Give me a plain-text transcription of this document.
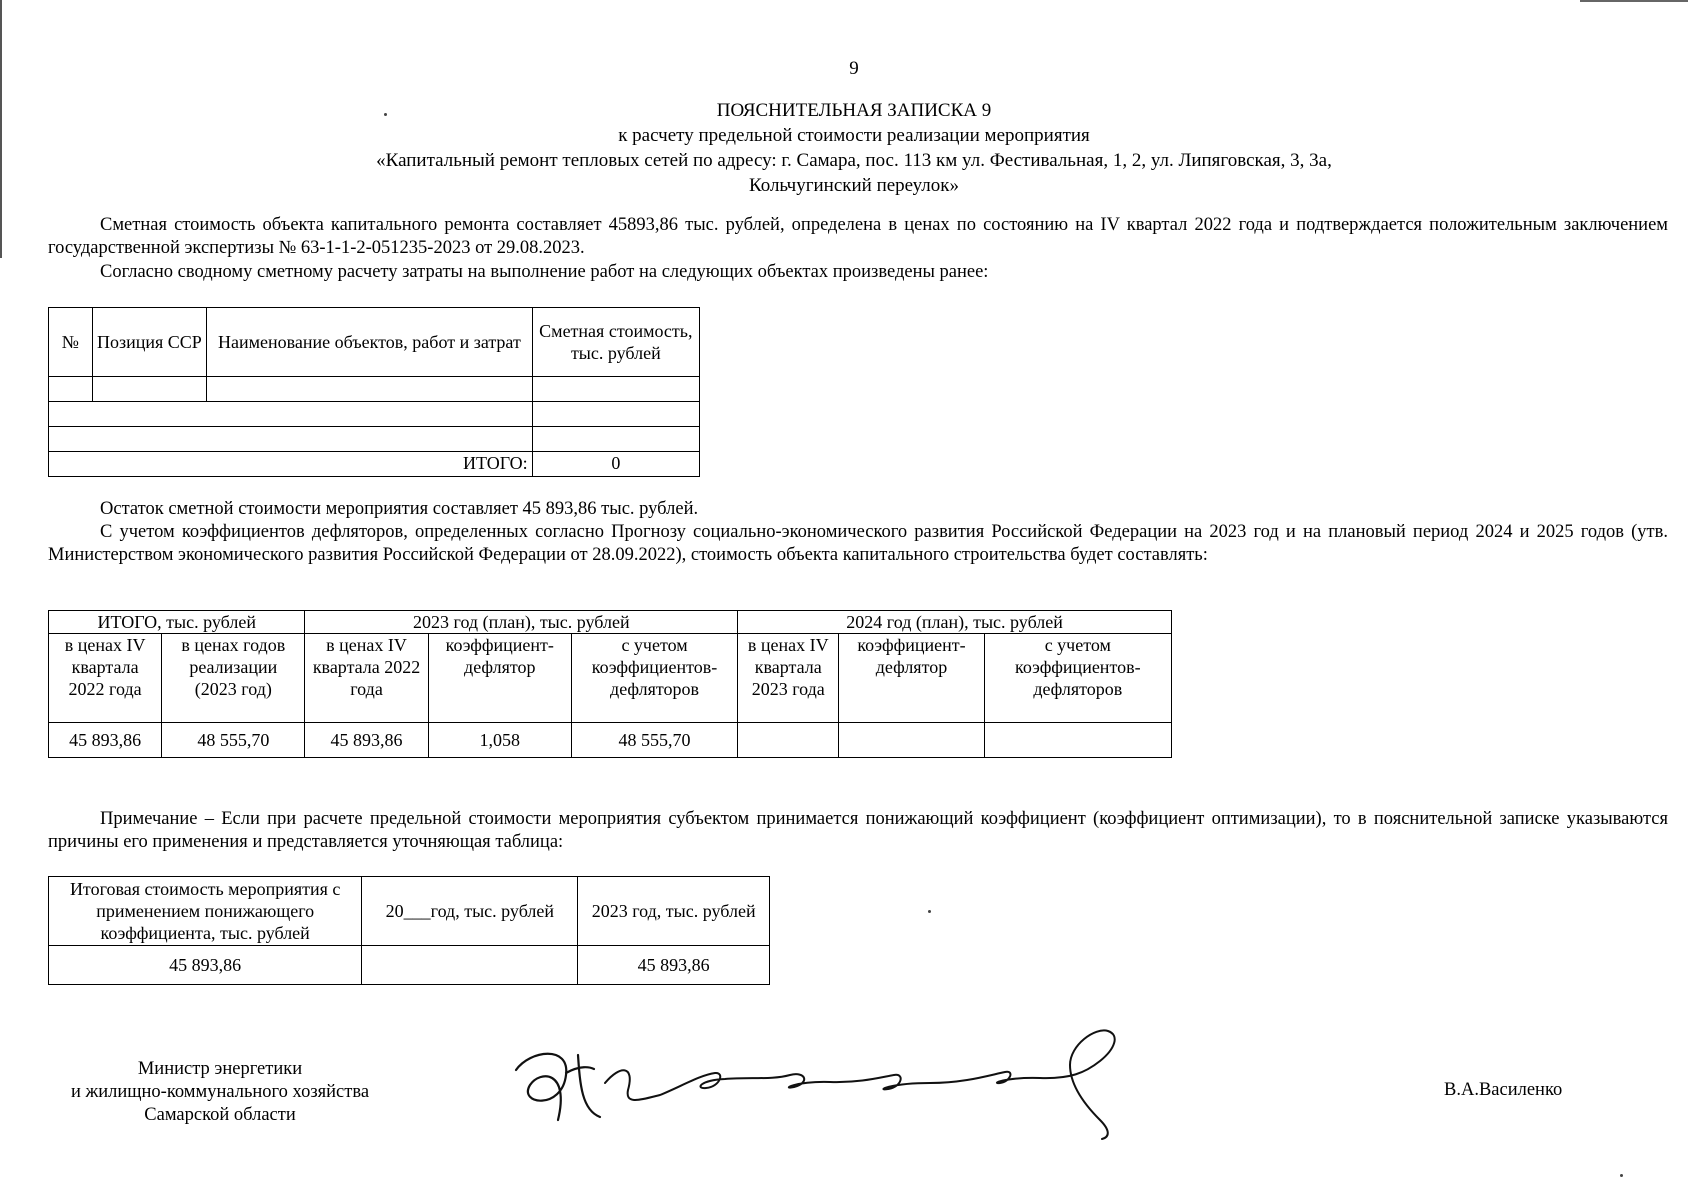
9
ПОЯСНИТЕЛЬНАЯ ЗАПИСКА 9
к расчету предельной стоимости реализации мероприятия
«Капитальный ремонт тепловых сетей по адресу: г. Самара, пос. 113 км ул. Фестивальная, 1, 2, ул. Липяговская, 3, 3а,
Кольчугинский переулок»
Сметная стоимость объекта капитального ремонта составляет 45893,86 тыс. рублей, определена в ценах по состоянию на IV квартал 2022 года и подтверждается положительным заключением государственной экспертизы № 63-1-1-2-051235-2023 от 29.08.2023.
Согласно сводному сметному расчету затраты на выполнение работ на следующих объектах произведены ранее:
№	Позиция ССР	Наименование объектов, работ и затрат	Сметная стоимость, тыс. рублей

ИТОГО:			0
Остаток сметной стоимости мероприятия составляет 45 893,86 тыс. рублей.
С учетом коэффициентов дефляторов, определенных согласно Прогнозу социально-экономического развития Российской Федерации на 2023 год и на плановый период 2024 и 2025 годов (утв. Министерством экономического развития Российской Федерации от 28.09.2022), стоимость объекта капитального строительства будет составлять:
ИТОГО, тыс. рублей		2023 год (план), тыс. рублей			2024 год (план), тыс. рублей		
в ценах IV квартала 2022 года	в ценах годов реализации (2023 год)	в ценах IV квартала 2022 года	коэффициент-дефлятор	с учетом коэффициентов-дефляторов	в ценах IV квартала 2023 года	коэффициент-дефлятор	с учетом коэффициентов-дефляторов
45 893,86	48 555,70	45 893,86	1,058	48 555,70			
Примечание – Если при расчете предельной стоимости мероприятия субъектом принимается понижающий коэффициент (коэффициент оптимизации), то в пояснительной записке указываются причины его применения и представляется уточняющая таблица:
Итоговая стоимость мероприятия с применением понижающего коэффициента, тыс. рублей	20___год, тыс. рублей	2023 год, тыс. рублей
45 893,86		45 893,86
Министр энергетики
и жилищно-коммунального хозяйства
Самарской области
В.А.Василенко
